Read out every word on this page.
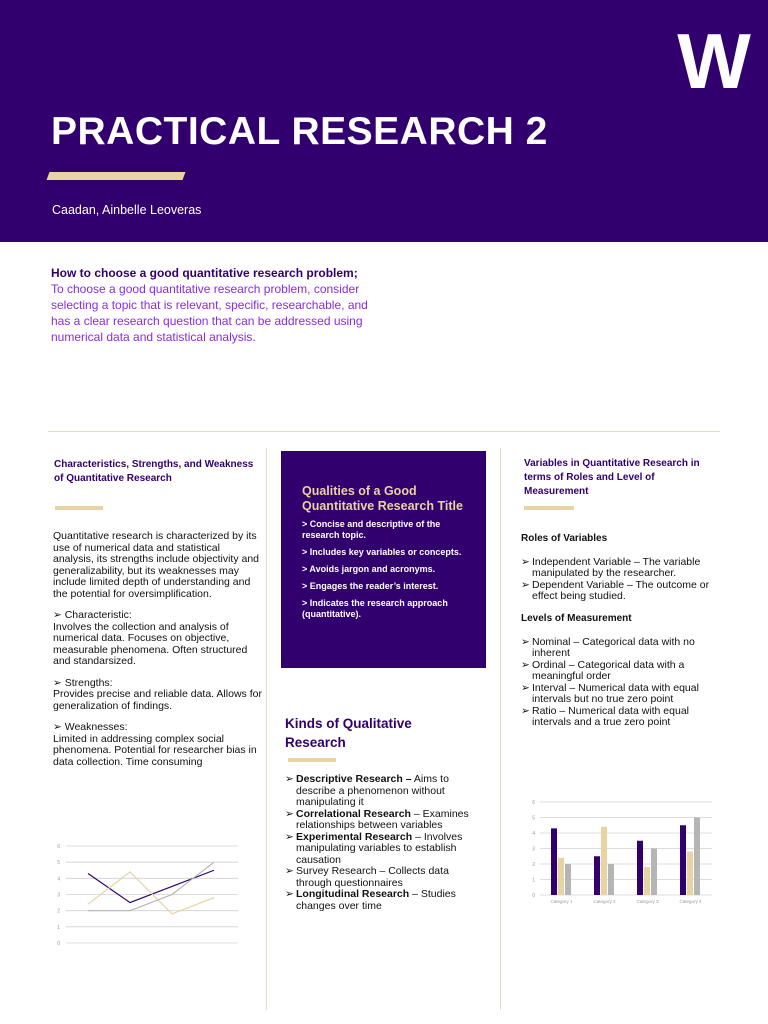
W
PRACTICAL RESEARCH 2
Caadan, Ainbelle Leoveras
How to choose a good quantitative research problem;
To choose a good quantitative research problem, consider selecting a topic that is relevant, specific, researchable, and has a clear research question that can be addressed using numerical data and statistical analysis.
Characteristics, Strengths, and Weakness of Quantitative Research

Quantitative research is characterized by its use of numerical data and statistical analysis, its strengths include objectivity and generalizability, but its weaknesses may include limited depth of understanding and the potential for oversimplification.

➢ Characteristic:
Involves the collection and analysis of numerical data. Focuses on objective, measurable phenomena. Often structured and standarsized.

➢ Strengths:
Provides precise and reliable data. Allows for generalization of findings.

➢ Weaknesses:
Limited in addressing complex social phenomena. Potential for researcher bias in data collection. Time consuming

0
1
2
3
4
5
6
Qualities of a Good Quantitative Research Title
> Concise and descriptive of the research topic.
> Includes key variables or concepts.
> Avoids jargon and acronyms.
> Engages the reader’s interest.
> Indicates the research approach (quantitative).
Kinds of Qualitative Research
➢ Descriptive Research – Aims to describe a phenomenon without manipulating it
➢ Correlational Research – Examines relationships between variables
➢ Experimental Research – Involves manipulating variables to establish causation
➢ Survey Research – Collects data through questionnaires
➢ Longitudinal Research – Studies changes over time
Variables in Quantitative Research in terms of Roles and Level of Measurement
Roles of Variables
➢ Independent Variable – The variable manipulated by the researcher.
➢ Dependent Variable – The outcome or effect being studied.
Levels of Measurement
➢ Nominal – Categorical data with no inherent
➢ Ordinal – Categorical data with a meaningful order
➢ Interval – Numerical data with equal intervals but no true zero point
➢ Ratio – Numerical data with equal intervals and a true zero point
0
1
2
3
4
5
6
Category 1	Category 2	Category 3	Category 4
